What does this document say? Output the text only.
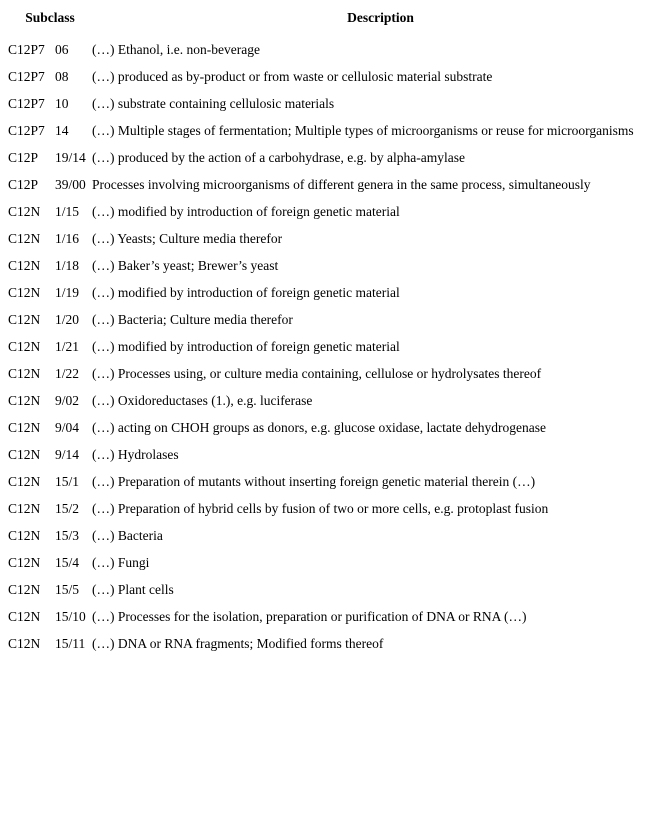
Subclass		Description
C12P7	06	(…) Ethanol, i.e. non-beverage
C12P7	08	(…) produced as by-product or from waste or cellulosic material substrate
C12P7	10	(…) substrate containing cellulosic materials
C12P7	14	(…) Multiple stages of fermentation; Multiple types of microorganisms or reuse for microorganisms
C12P	19/14	(…) produced by the action of a carbohydrase, e.g. by alpha-amylase
C12P	39/00	Processes involving microorganisms of different genera in the same process, simultaneously
C12N	1/15	(…) modified by introduction of foreign genetic material
C12N	1/16	(…) Yeasts; Culture media therefor
C12N	1/18	(…) Baker’s yeast; Brewer’s yeast
C12N	1/19	(…) modified by introduction of foreign genetic material
C12N	1/20	(…) Bacteria; Culture media therefor
C12N	1/21	(…) modified by introduction of foreign genetic material
C12N	1/22	(…) Processes using, or culture media containing, cellulose or hydrolysates thereof
C12N	9/02	(…) Oxidoreductases (1.), e.g. luciferase
C12N	9/04	(…) acting on CHOH groups as donors, e.g. glucose oxidase, lactate dehydrogenase
C12N	9/14	(…) Hydrolases
C12N	15/1	(…) Preparation of mutants without inserting foreign genetic material therein (…)
C12N	15/2	(…) Preparation of hybrid cells by fusion of two or more cells, e.g. protoplast fusion
C12N	15/3	(…) Bacteria
C12N	15/4	(…) Fungi
C12N	15/5	(…) Plant cells
C12N	15/10	(…) Processes for the isolation, preparation or purification of DNA or RNA (…)
C12N	15/11	(…) DNA or RNA fragments; Modified forms thereof
